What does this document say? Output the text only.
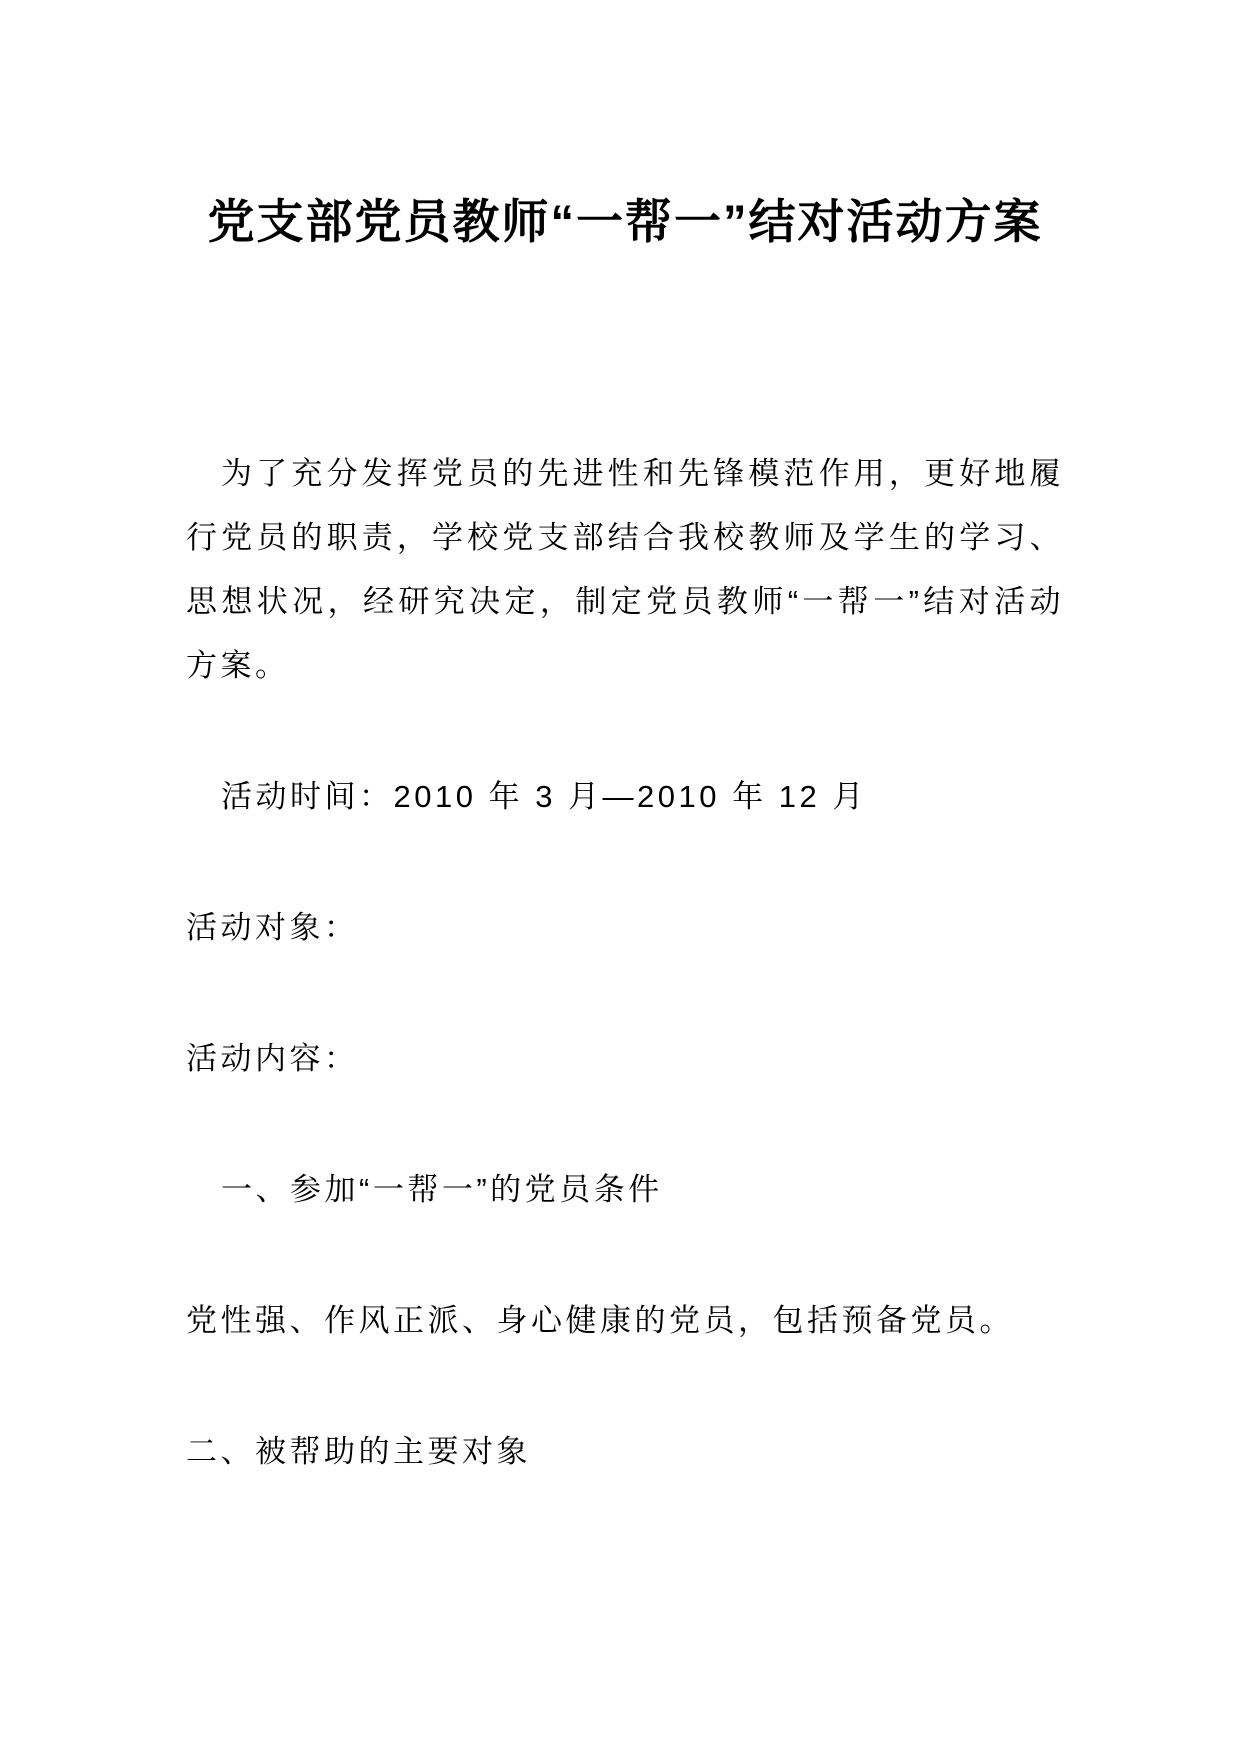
党支部党员教师“一帮一”结对活动方案

为了充分发挥党员的先进性和先锋模范作用，更好地履行党员的职责，学校党支部结合我校教师及学生的学习、思想状况，经研究决定，制定党员教师“一帮一”结对活动方案。

活动时间：2010 年 3 月—2010 年 12 月

活动对象：

活动内容：

一、参加“一帮一”的党员条件

党性强、作风正派、身心健康的党员，包括预备党员。

二、被帮助的主要对象
